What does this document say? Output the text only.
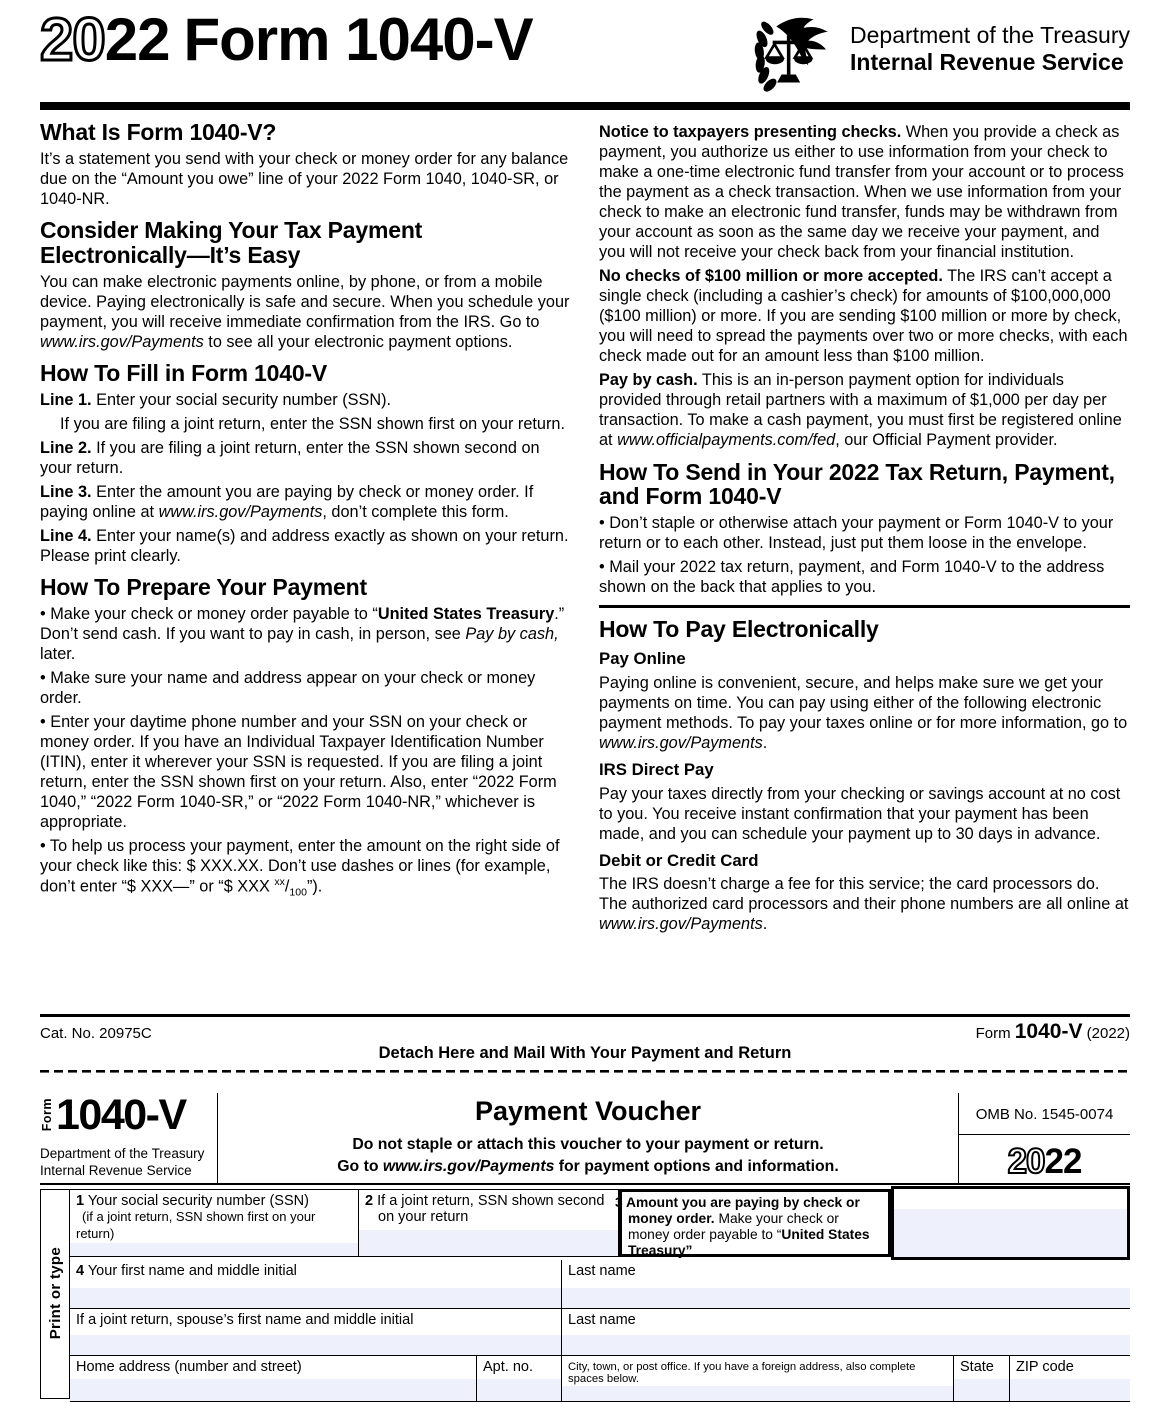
2022 Form 1040-V	Department of the Treasury
Internal Revenue Service
What Is Form 1040-V?

It’s a statement you send with your check or money order for any balance due on the “Amount you owe” line of your 2022 Form 1040, 1040-SR, or 1040-NR.

Consider Making Your Tax Payment Electronically—It’s Easy

You can make electronic payments online, by phone, or from a mobile device. Paying electronically is safe and secure. When you schedule your payment, you will receive immediate confirmation from the IRS. Go to www.irs.gov/Payments to see all your electronic payment options.

How To Fill in Form 1040-V

Line 1. Enter your social security number (SSN).

If you are filing a joint return, enter the SSN shown first on your return.

Line 2. If you are filing a joint return, enter the SSN shown second on your return.

Line 3. Enter the amount you are paying by check or money order. If paying online at www.irs.gov/Payments, don’t complete this form.

Line 4. Enter your name(s) and address exactly as shown on your return. Please print clearly.

How To Prepare Your Payment

• Make your check or money order payable to “United States Treasury.” Don’t send cash. If you want to pay in cash, in person, see Pay by cash, later.

• Make sure your name and address appear on your check or money order.

• Enter your daytime phone number and your SSN on your check or money order. If you have an Individual Taxpayer Identification Number (ITIN), enter it wherever your SSN is requested. If you are filing a joint return, enter the SSN shown first on your return. Also, enter “2022 Form 1040,” “2022 Form 1040-SR,” or “2022 Form 1040-NR,” whichever is appropriate.

• To help us process your payment, enter the amount on the right side of your check like this: $ XXX.XX. Don’t use dashes or lines (for example, don’t enter “$ XXX—” or “$ XXX $^{xx}/_{100}$”).

Notice to taxpayers presenting checks. When you provide a check as payment, you authorize us either to use information from your check to make a one-time electronic fund transfer from your account or to process the payment as a check transaction. When we use information from your check to make an electronic fund transfer, funds may be withdrawn from your account as soon as the same day we receive your payment, and you will not receive your check back from your financial institution.

No checks of $100 million or more accepted. The IRS can’t accept a single check (including a cashier’s check) for amounts of $100,000,000 ($100 million) or more. If you are sending $100 million or more by check, you will need to spread the payments over two or more checks, with each check made out for an amount less than $100 million.

Pay by cash. This is an in-person payment option for individuals provided through retail partners with a maximum of $1,000 per day per transaction. To make a cash payment, you must first be registered online at www.officialpayments.com/fed, our Official Payment provider.

How To Send in Your 2022 Tax Return, Payment, and Form 1040-V

• Don’t staple or otherwise attach your payment or Form 1040-V to your return or to each other. Instead, just put them loose in the envelope.

• Mail your 2022 tax return, payment, and Form 1040-V to the address shown on the back that applies to you.

How To Pay Electronically
Pay Online

Paying online is convenient, secure, and helps make sure we get your payments on time. You can pay using either of the following electronic payment methods. To pay your taxes online or for more information, go to www.irs.gov/Payments.

IRS Direct Pay

Pay your taxes directly from your checking or savings account at no cost to you. You receive instant confirmation that your payment has been made, and you can schedule your payment up to 30 days in advance.

Debit or Credit Card

The IRS doesn’t charge a fee for this service; the card processors do. The authorized card processors and their phone numbers are all online at www.irs.gov/Payments.

Cat. No. 20975C	Form 1040-V (2022)
Detach Here and Mail With Your Payment and Return
Form 1040-V
Department of the Treasury
Internal Revenue Service
Payment Voucher
Do not staple or attach this voucher to your payment or return.
Go to www.irs.gov/Payments for payment options and information.
OMB No. 1545-0074
2022
Print or type
1 Your social security number (SSN)
(if a joint return, SSN shown first on your return)
2 If a joint return, SSN shown second on your return
3 Amount you are paying by check or money order. Make your check or money order payable to “United States Treasury”
4 Your first name and middle initial	Last name
If a joint return, spouse’s first name and middle initial	Last name
Home address (number and street)	Apt. no.	City, town, or post office. If you have a foreign address, also complete spaces below.
State	ZIP code
